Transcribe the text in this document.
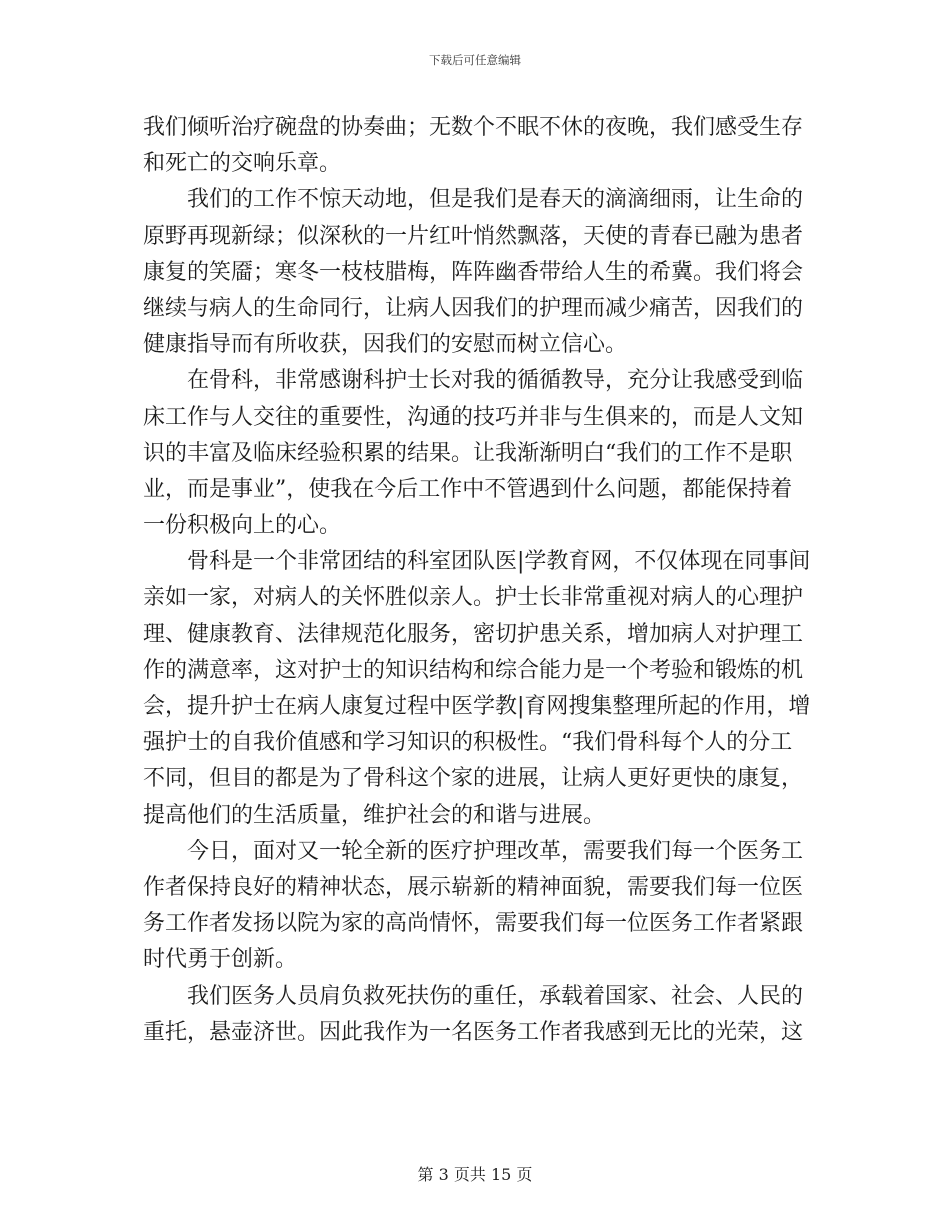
下载后可任意编辑
我们倾听治疗碗盘的协奏曲；无数个不眠不休的夜晚，我们感受生存
和死亡的交响乐章。
我们的工作不惊天动地，但是我们是春天的滴滴细雨，让生命的
原野再现新绿；似深秋的一片红叶悄然飘落，天使的青春已融为患者
康复的笑靥；寒冬一枝枝腊梅，阵阵幽香带给人生的希冀。我们将会
继续与病人的生命同行，让病人因我们的护理而减少痛苦，因我们的
健康指导而有所收获，因我们的安慰而树立信心。
在骨科，非常感谢科护士长对我的循循教导，充分让我感受到临
床工作与人交往的重要性，沟通的技巧并非与生俱来的，而是人文知
识的丰富及临床经验积累的结果。让我渐渐明白“我们的工作不是职
业，而是事业”，使我在今后工作中不管遇到什么问题，都能保持着
一份积极向上的心。
骨科是一个非常团结的科室团队医|学教育网，不仅体现在同事间
亲如一家，对病人的关怀胜似亲人。护士长非常重视对病人的心理护
理、健康教育、法律规范化服务，密切护患关系，增加病人对护理工
作的满意率，这对护士的知识结构和综合能力是一个考验和锻炼的机
会，提升护士在病人康复过程中医学教|育网搜集整理所起的作用，增
强护士的自我价值感和学习知识的积极性。“我们骨科每个人的分工
不同，但目的都是为了骨科这个家的进展，让病人更好更快的康复，
提高他们的生活质量，维护社会的和谐与进展。
今日，面对又一轮全新的医疗护理改革，需要我们每一个医务工
作者保持良好的精神状态，展示崭新的精神面貌，需要我们每一位医
务工作者发扬以院为家的高尚情怀，需要我们每一位医务工作者紧跟
时代勇于创新。
我们医务人员肩负救死扶伤的重任，承载着国家、社会、人民的
重托，悬壶济世。因此我作为一名医务工作者我感到无比的光荣，这
第 3 页共 15 页
